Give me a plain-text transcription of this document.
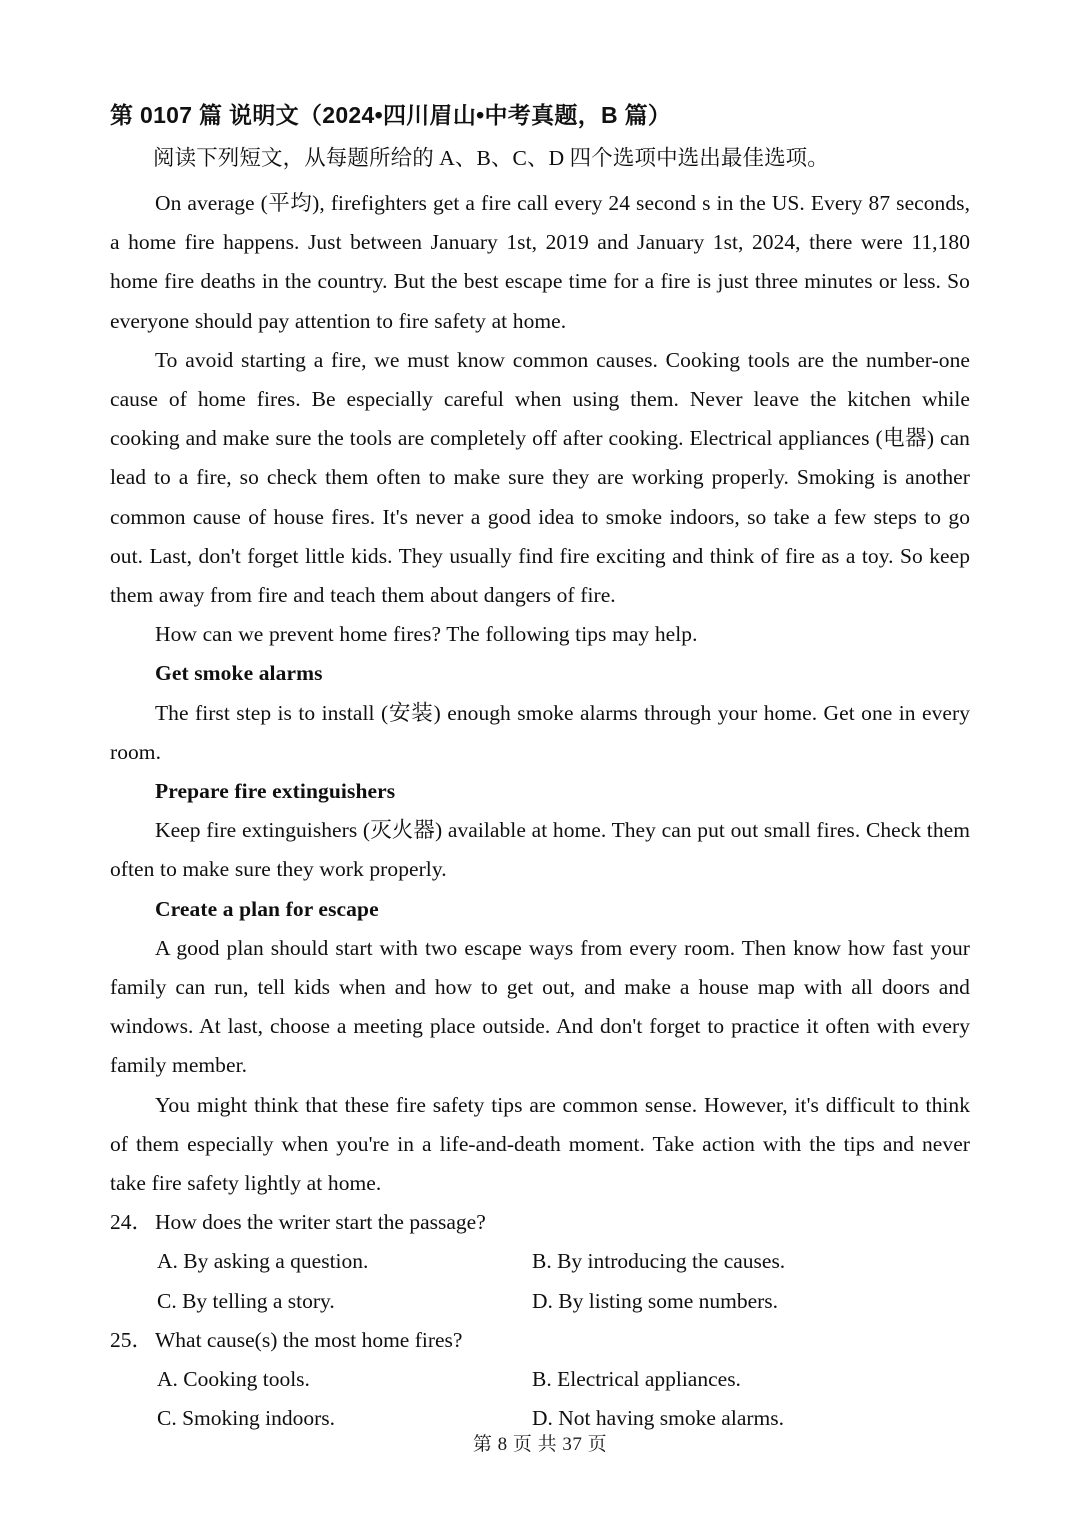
第 0107 篇 说明文（2024•四川眉山•中考真题，B 篇）
阅读下列短文，从每题所给的 A、B、C、D 四个选项中选出最佳选项。

On average (平均), firefighters get a fire call every 24 second s in the US. Every 87 seconds, a home fire happens. Just between January 1st, 2019 and January 1st, 2024, there were 11,180 home fire deaths in the country. But the best escape time for a fire is just three minutes or less. So everyone should pay attention to fire safety at home.

To avoid starting a fire, we must know common causes. Cooking tools are the number-one cause of home fires. Be especially careful when using them. Never leave the kitchen while cooking and make sure the tools are completely off after cooking. Electrical appliances (电器) can lead to a fire, so check them often to make sure they are working properly. Smoking is another common cause of house fires. It's never a good idea to smoke indoors, so take a few steps to go out. Last, don't forget little kids. They usually find fire exciting and think of fire as a toy. So keep them away from fire and teach them about dangers of fire.

How can we prevent home fires? The following tips may help.

Get smoke alarms

The first step is to install (安装) enough smoke alarms through your home. Get one in every room.

Prepare fire extinguishers

Keep fire extinguishers (灭火器) available at home. They can put out small fires. Check them often to make sure they work properly.

Create a plan for escape

A good plan should start with two escape ways from every room. Then know how fast your family can run, tell kids when and how to get out, and make a house map with all doors and windows. At last, choose a meeting place outside. And don't forget to practice it often with every family member.

You might think that these fire safety tips are common sense. However, it's difficult to think of them especially when you're in a life-and-death moment. Take action with the tips and never take fire safety lightly at home.

24． How does the writer start the passage?
A. By asking a question.	B. By introducing the causes.
C. By telling a story.	D. By listing some numbers.
25． What cause(s) the most home fires?
A. Cooking tools.	B. Electrical appliances.
C. Smoking indoors.	D. Not having smoke alarms.
第 8 页 共 37 页
